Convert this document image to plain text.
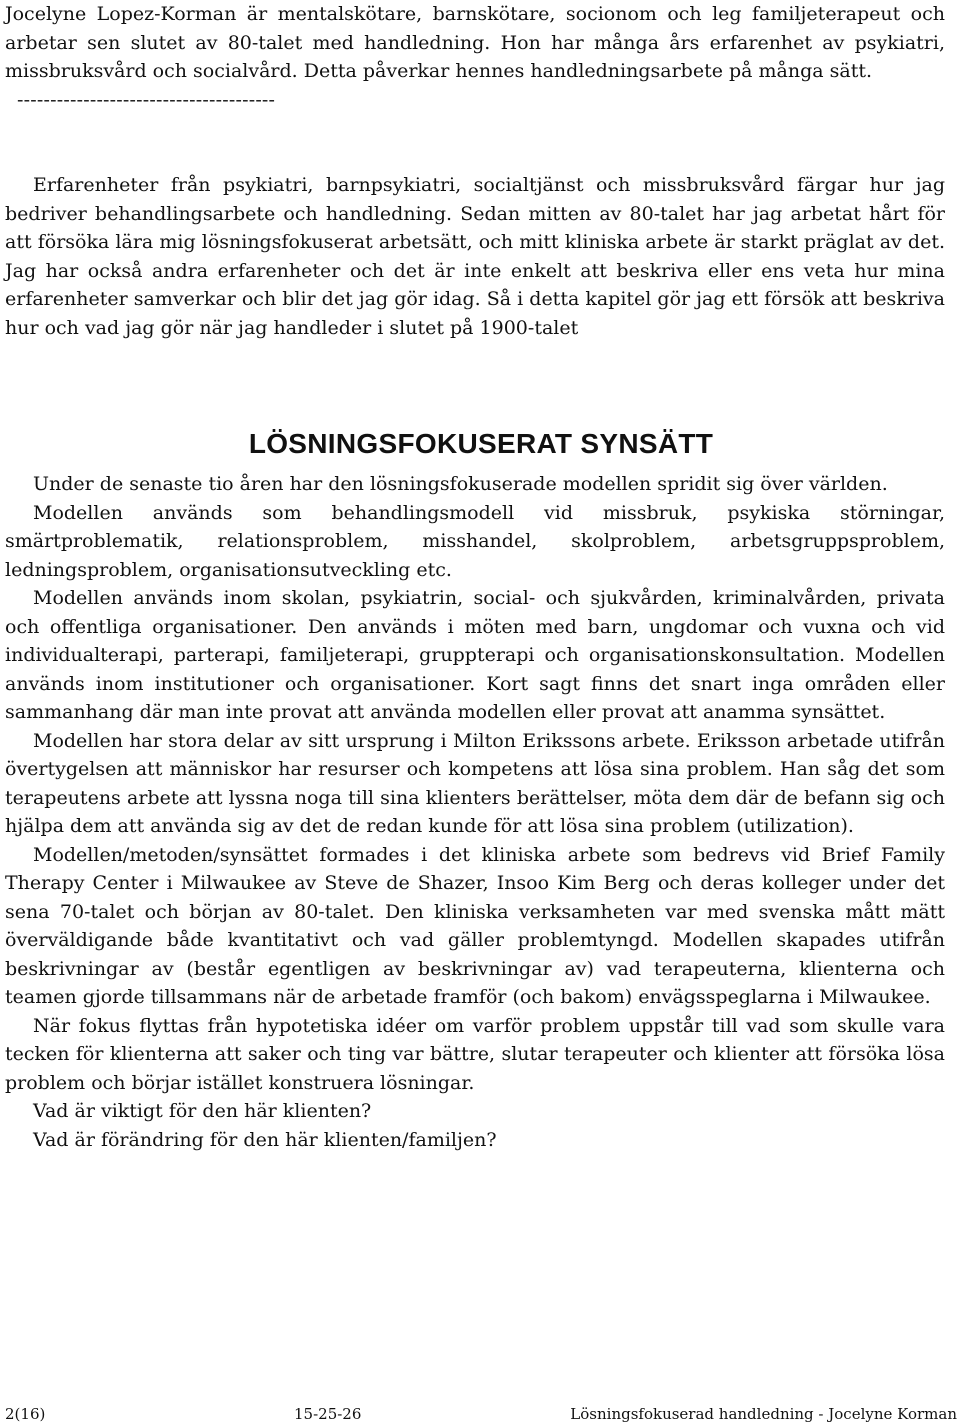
Jocelyne Lopez-Korman är mentalskötare, barnskötare, socionom och leg familjeterapeut och arbetar sen slutet av 80-talet med handledning. Hon har många års erfarenhet av psykiatri, missbruksvård och socialvård. Detta påverkar hennes handledningsarbete på många sätt.

---------------------------------------

Erfarenheter från psykiatri, barnpsykiatri, socialtjänst och missbruksvård färgar hur jag bedriver behandlingsarbete och handledning. Sedan mitten av 80-talet har jag arbetat hårt för att försöka lära mig lösningsfokuserat arbetsätt, och mitt kliniska arbete är starkt präglat av det. Jag har också andra erfarenheter och det är inte enkelt att beskriva eller ens veta hur mina erfarenheter samverkar och blir det jag gör idag. Så i detta kapitel gör jag ett försök att beskriva hur och vad jag gör när jag handleder i slutet på 1900-talet

LÖSNINGSFOKUSERAT SYNSÄTT

Under de senaste tio åren har den lösningsfokuserade modellen spridit sig över världen.

Modellen används som behandlingsmodell vid missbruk, psykiska störningar, smärtproblematik, relationsproblem, misshandel, skolproblem, arbetsgruppsproblem, ledningsproblem, organisationsutveckling etc.

Modellen används inom skolan, psykiatrin, social- och sjukvården, kriminalvården, privata och offentliga organisationer. Den används i möten med barn, ungdomar och vuxna och vid individualterapi, parterapi, familjeterapi, gruppterapi och organisationskonsultation. Modellen används inom institutioner och organisationer. Kort sagt finns det snart inga områden eller sammanhang där man inte provat att använda modellen eller provat att anamma synsättet.

Modellen har stora delar av sitt ursprung i Milton Erikssons arbete. Eriksson arbetade utifrån övertygelsen att människor har resurser och kompetens att lösa sina problem. Han såg det som terapeutens arbete att lyssna noga till sina klienters berättelser, möta dem där de befann sig och hjälpa dem att använda sig av det de redan kunde för att lösa sina problem (utilization).

Modellen/metoden/synsättet formades i det kliniska arbete som bedrevs vid Brief Family Therapy Center i Milwaukee av Steve de Shazer, Insoo Kim Berg och deras kolleger under det sena 70-talet och början av 80-talet. Den kliniska verksamheten var med svenska mått mätt överväldigande både kvantitativt och vad gäller problemtyngd. Modellen skapades utifrån beskrivningar av (består egentligen av beskrivningar av) vad terapeuterna, klienterna och teamen gjorde tillsammans när de arbetade framför (och bakom) envägsspeglarna i Milwaukee.

När fokus flyttas från hypotetiska idéer om varför problem uppstår till vad som skulle vara tecken för klienterna att saker och ting var bättre, slutar terapeuter och klienter att försöka lösa problem och börjar istället konstruera lösningar.

Vad är viktigt för den här klienten?

Vad är förändring för den här klienten/familjen?

2(16)	15-25-26	Lösningsfokuserad handledning - Jocelyne Korman
